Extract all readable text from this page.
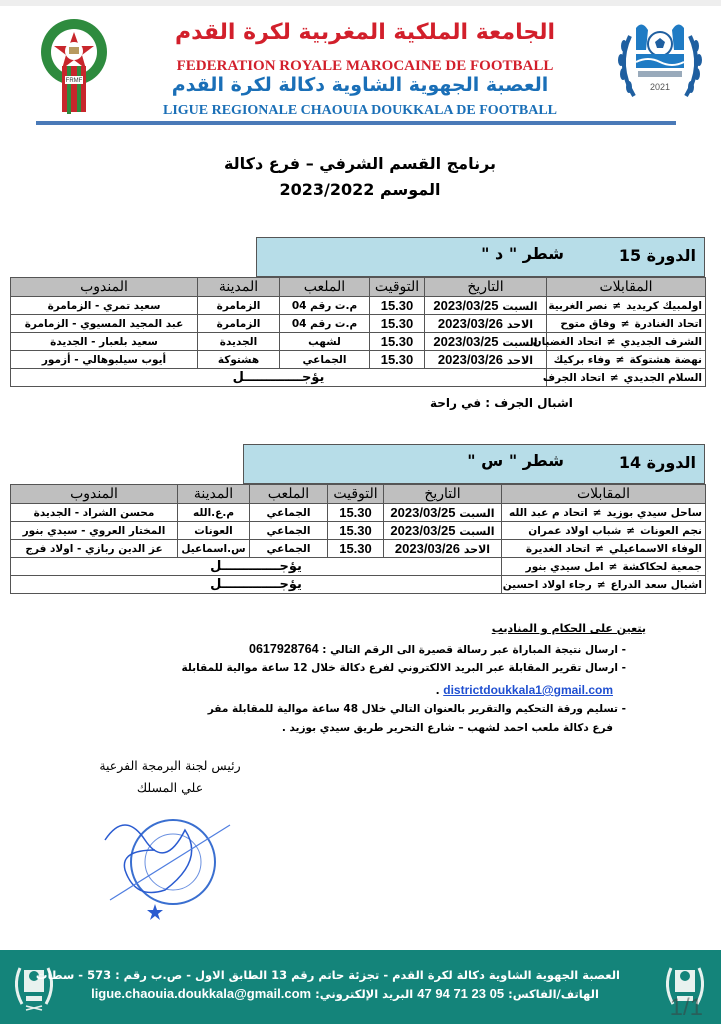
FRMF
2021
الجامعة الملكية المغربية لكرة القدم
FEDERATION ROYALE MAROCAINE DE FOOTBALL
العصبة الجهوية الشاوية دكالة لكرة القدم
LIGUE REGIONALE CHAOUIA DOUKKALA DE FOOTBALL
برنامج القسم الشرفي – فرع دكالة
الموسم 2023/2022
الدورة 15
شطر " د "
المقابلات	التاريخ	التوقيت	الملعب	المدينة	المندوب
اولمبيك كريديد≠نصر الغربية	السبت 2023/03/25	15.30	م.ت رقم 04	الزمامرة	سعيد تمري - الزمامرة
اتحاد الغنادرة≠وفاق متوح	الاحد 2023/03/26	15.30	م.ت رقم 04	الزمامرة	عبد المجيد المسيوي - الزمامرة
الشرف الجديدي≠اتحاد الغضبان	السبت 2023/03/25	15.30	لشهب	الجديدة	سعيد بلعبار - الجديدة
نهضة هشتوكة≠وفاء بركيك	الاحد 2023/03/26	15.30	الجماعي	هشتوكة	أيوب سيلبوهالي - أزمور
السلام الجديدي≠اتحاد الجرف	يؤجـــــــــــــل				
اشبال الجرف : في راحة
الدورة 14
شطر " س "
المقابلات	التاريخ	التوقيت	الملعب	المدينة	المندوب
ساحل سيدي بوزيد≠اتحاد م عبد الله	السبت 2023/03/25	15.30	الجماعي	م.ع.الله	محسن الشراد - الجديدة
نجم العونات≠شباب اولاد عمران	السبت 2023/03/25	15.30	الجماعي	العونات	المختار العروي - سيدي بنور
الوفاء الاسماعيلي≠اتحاد الغديرة	الاحد 2023/03/26	15.30	الجماعي	س.اسماعيل	عز الدين ربازي - اولاد فرج
جمعية لحكاكشة≠امل سيدي بنور	يؤجـــــــــــــل				
اشبال سعد الدراع≠رجاء اولاد احسين	يؤجـــــــــــــل				
يتعين على الحكام و المناديب
- ارسال نتيجة المباراة عبر رسالة قصيرة الى الرقم التالي : 0617928764
- ارسال تقرير المقابلة عبر البريد الالكتروني لفرع دكالة خلال 12 ساعة موالية للمقابلة
districtdoukkala1@gmail.com .
- تسليم ورقة التحكيم والتقرير بالعنوان التالي خلال 48 ساعة موالية للمقابلة مقر
فرع دكالة ملعب احمد لشهب – شارع التحرير طريق سيدي بوزيد .
رئيس لجنة البرمجة الفرعية
علي المسلك
العصبة الجهوية الشاوية دكالة لكرة القدم - تجزئة حاتم رقم 13 الطابق الاول - ص.ب رقم : 573 - سطات
الهاتف/الفاكس: 05 23 71 94 47 البريد الإلكتروني: ligue.chaouia.doukkala@gmail.com
1/1
